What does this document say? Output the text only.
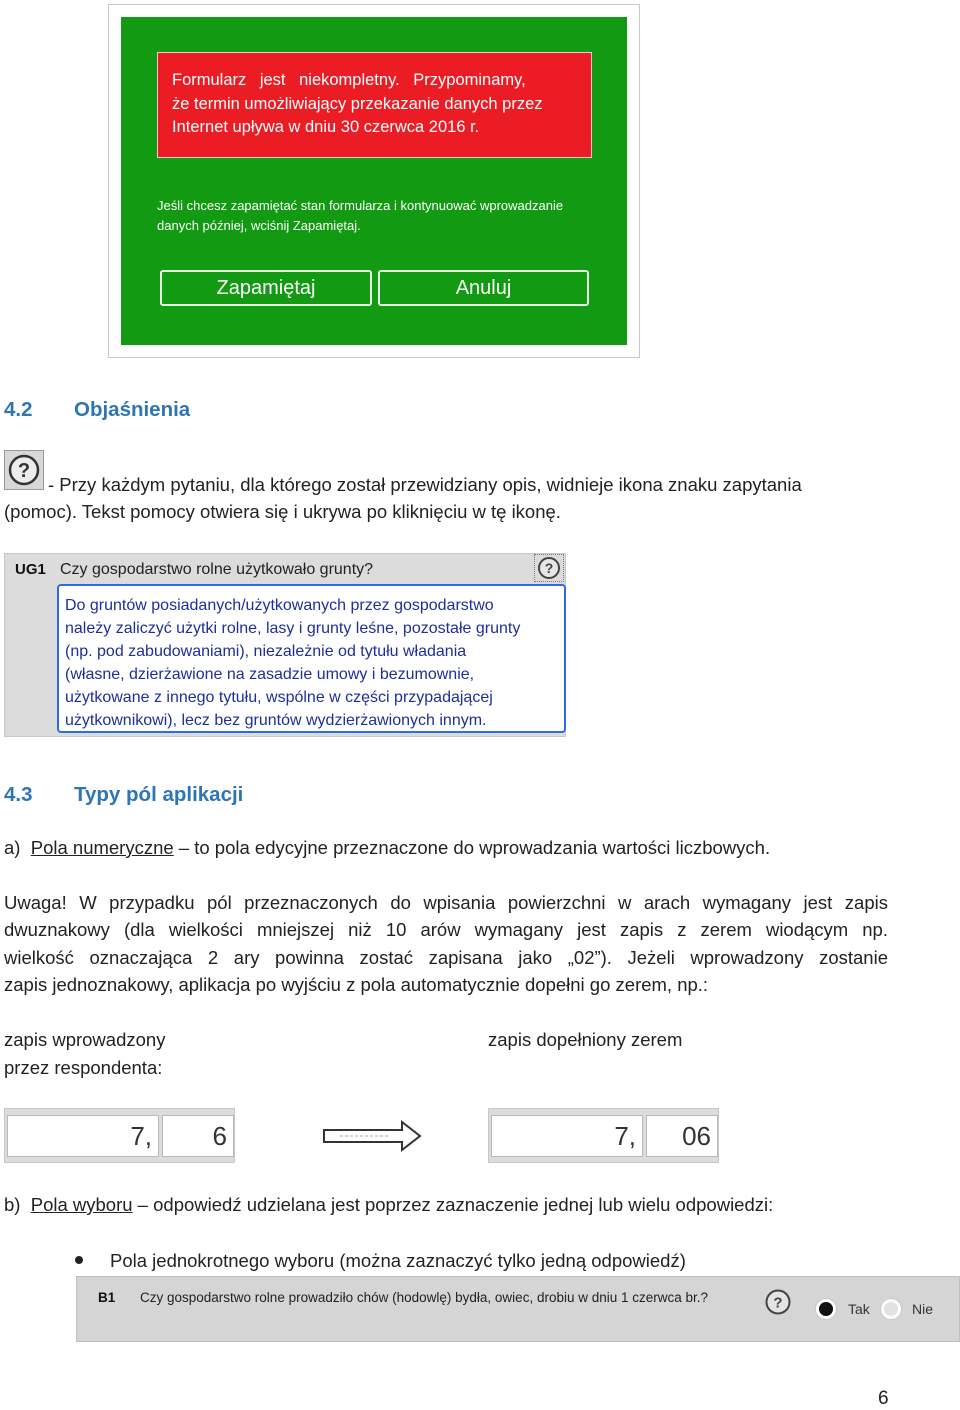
Formularz jest niekompletny. Przypominamy,
że termin umożliwiający przekazanie danych przez
Internet upływa w dniu 30 czerwca 2016 r.
Jeśli chcesz zapamiętać stan formularza i kontynuować wprowadzanie
danych później, wciśnij Zapamiętaj.
Zapamiętaj	Anuluj
4.2 Objaśnienia
?
- Przy każdym pytaniu, dla którego został przewidziany opis, widnieje ikona znaku zapytania
(pomoc). Tekst pomocy otwiera się i ukrywa po kliknięciu w tę ikonę.
UG1 Czy gospodarstwo rolne użytkowało grunty?	?
Do gruntów posiadanych/użytkowanych przez gospodarstwo
należy zaliczyć użytki rolne, lasy i grunty leśne, pozostałe grunty
(np. pod zabudowaniami), niezależnie od tytułu władania
(własne, dzierżawione na zasadzie umowy i bezumownie,
użytkowane z innego tytułu, wspólne w części przypadającej
użytkownikowi), lecz bez gruntów wydzierżawionych innym.
4.3 Typy pól aplikacji
a) Pola numeryczne – to pola edycyjne przeznaczone do wprowadzania wartości liczbowych.
Uwaga! W przypadku pól przeznaczonych do wpisania powierzchni w arach wymagany jest zapis
dwuznakowy (dla wielkości mniejszej niż 10 arów wymagany jest zapis z zerem wiodącym np.
wielkość oznaczająca 2 ary powinna zostać zapisana jako „02”). Jeżeli wprowadzony zostanie
zapis jednoznakowy, aplikacja po wyjściu z pola automatycznie dopełni go zerem, np.:
zapis wprowadzony
przez respondenta:
zapis dopełniony zerem
7,	6	7,	06
b) Pola wyboru – odpowiedź udzielana jest poprzez zaznaczenie jednej lub wielu odpowiedzi:
Pola jednokrotnego wyboru (można zaznaczyć tylko jedną odpowiedź)
B1 Czy gospodarstwo rolne prowadziło chów (hodowlę) bydła, owiec, drobiu w dniu 1 czerwca br.?	?	Tak	Nie
6
